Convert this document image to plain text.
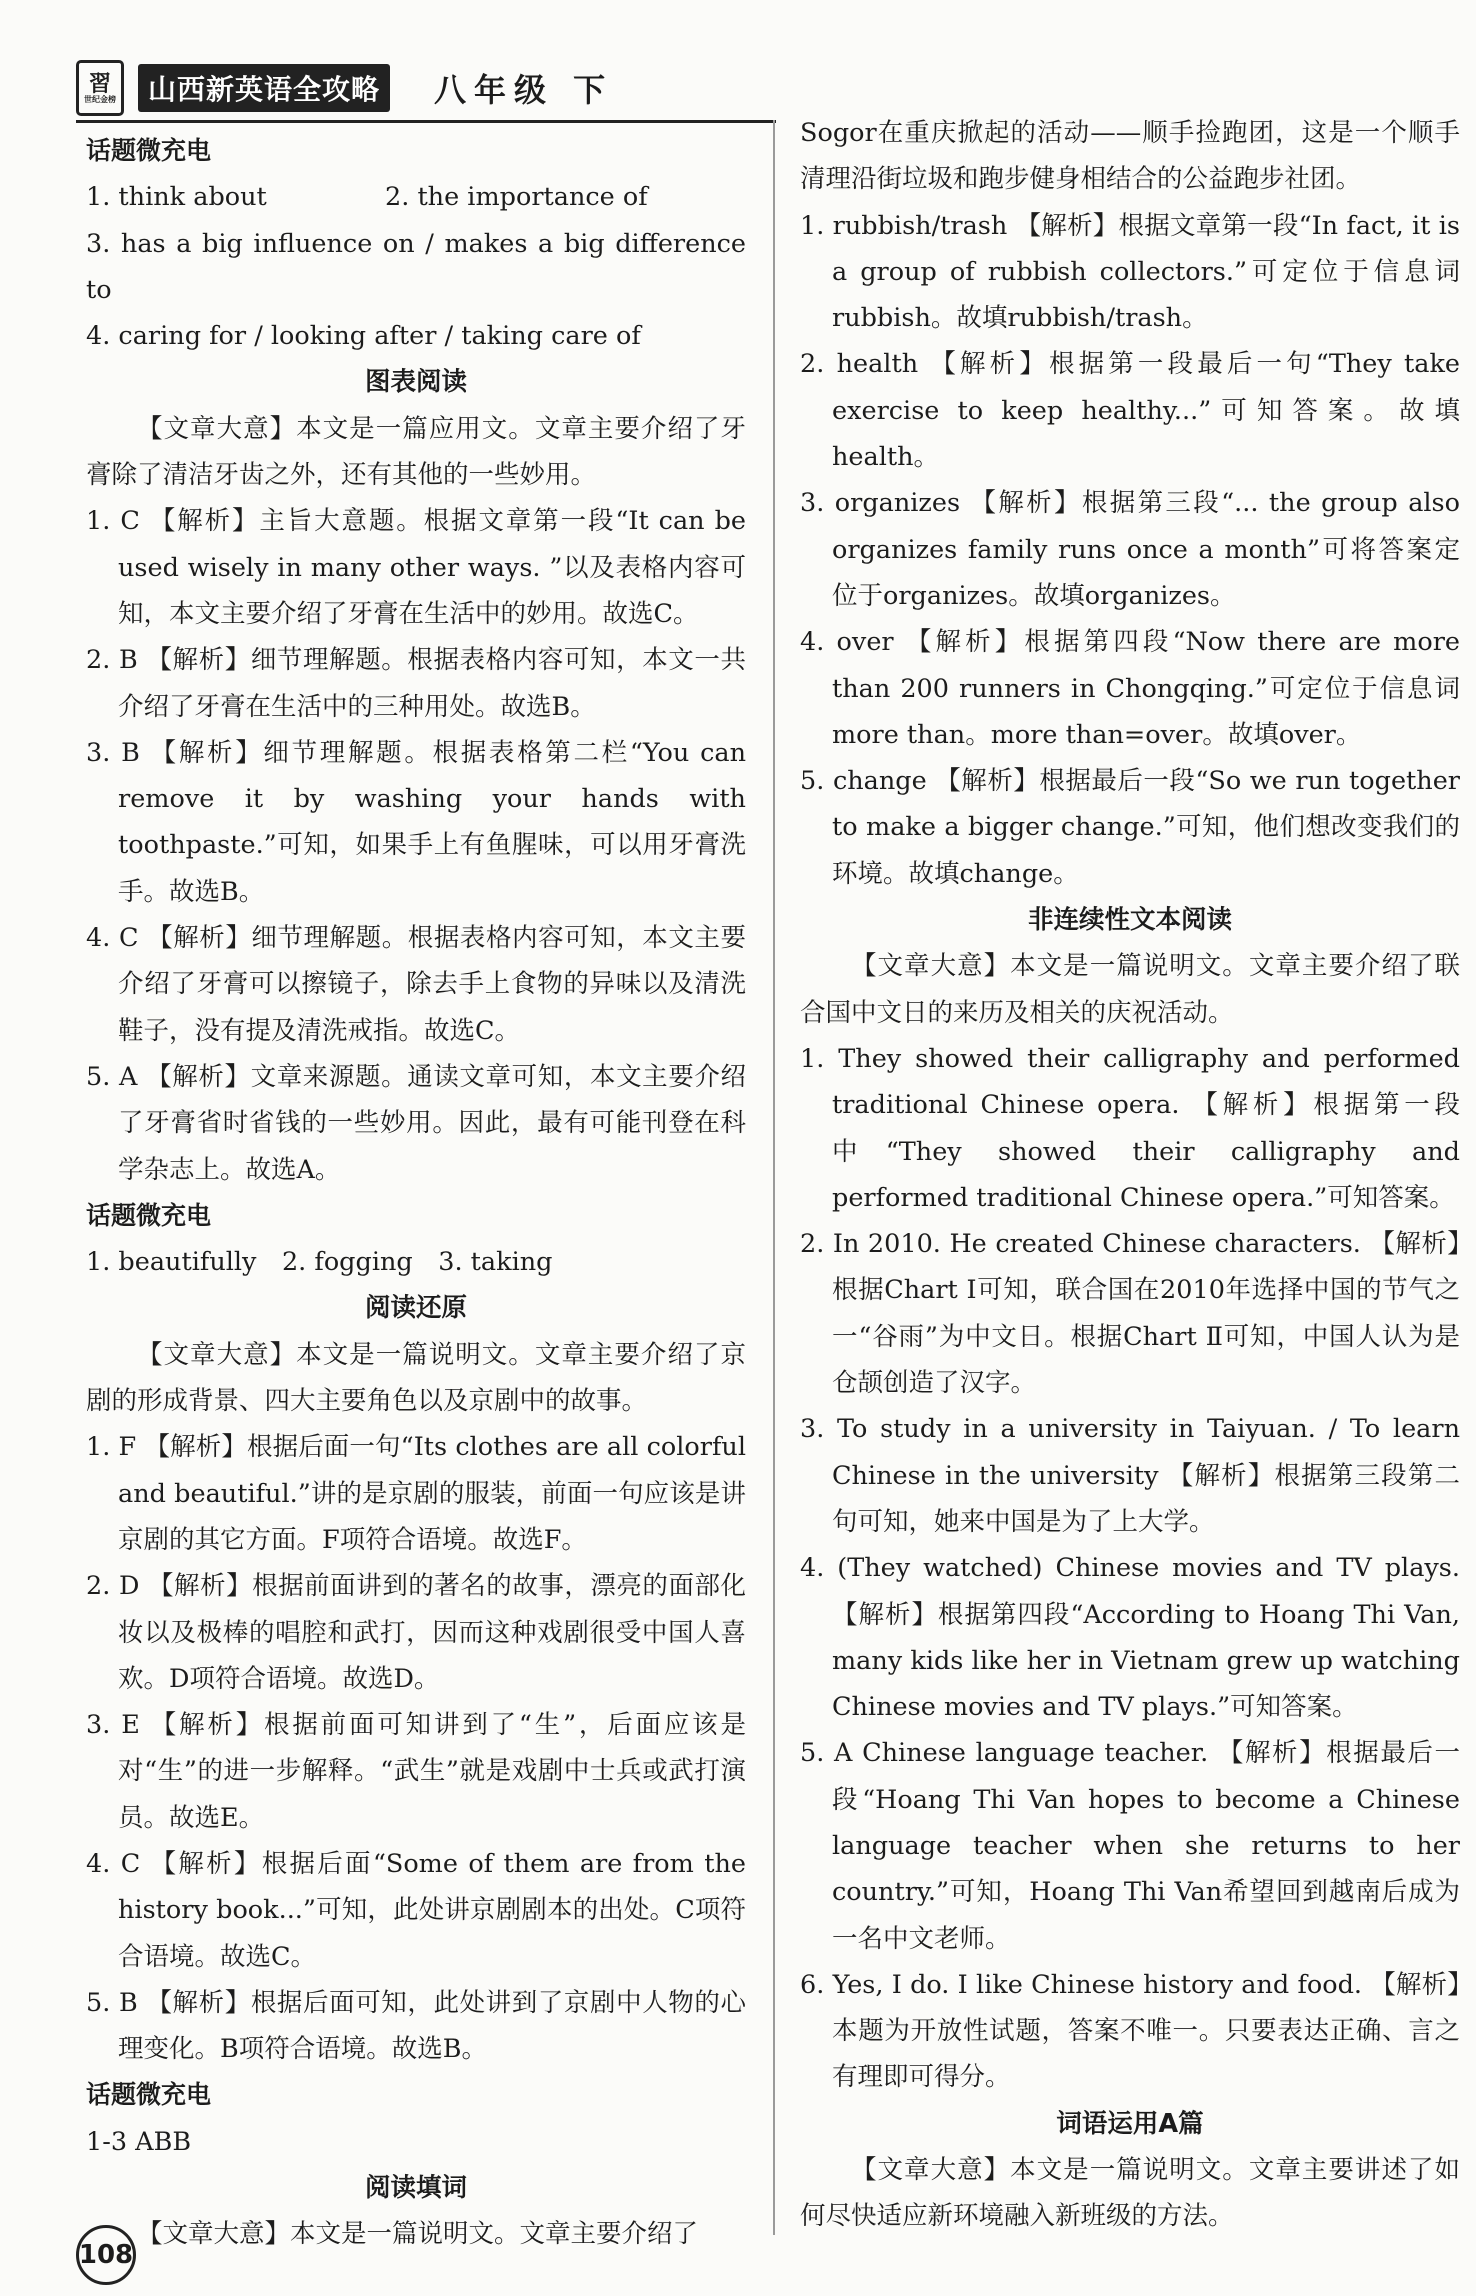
習
世纪金榜	山西新英语全攻略	八年级 下

话题微充电

1. think about 　　　　 2. the importance of

3. has a big influence on / makes a big difference to

4. caring for / looking after / taking care of

图表阅读

【文章大意】本文是一篇应用文。文章主要介绍了牙膏除了清洁牙齿之外，还有其他的一些妙用。

1. C 【解析】主旨大意题。根据文章第一段“It can be used wisely in many other ways. ”以及表格内容可知，本文主要介绍了牙膏在生活中的妙用。故选C。

2. B 【解析】细节理解题。根据表格内容可知，本文一共介绍了牙膏在生活中的三种用处。故选B。

3. B 【解析】细节理解题。根据表格第二栏“You can remove it by washing your hands with toothpaste.”可知，如果手上有鱼腥味，可以用牙膏洗手。故选B。

4. C 【解析】细节理解题。根据表格内容可知，本文主要介绍了牙膏可以擦镜子，除去手上食物的异味以及清洗鞋子，没有提及清洗戒指。故选C。

5. A 【解析】文章来源题。通读文章可知，本文主要介绍了牙膏省时省钱的一些妙用。因此，最有可能刊登在科学杂志上。故选A。

话题微充电

1. beautifully　2. fogging　3. taking

阅读还原

【文章大意】本文是一篇说明文。文章主要介绍了京剧的形成背景、四大主要角色以及京剧中的故事。

1. F 【解析】根据后面一句“Its clothes are all colorful and beautiful.”讲的是京剧的服装，前面一句应该是讲京剧的其它方面。F项符合语境。故选F。

2. D 【解析】根据前面讲到的著名的故事，漂亮的面部化妆以及极棒的唱腔和武打，因而这种戏剧很受中国人喜欢。D项符合语境。故选D。

3. E 【解析】根据前面可知讲到了“生”，后面应该是对“生”的进一步解释。“武生”就是戏剧中士兵或武打演员。故选E。

4. C 【解析】根据后面“Some of them are from the history book...”可知，此处讲京剧剧本的出处。C项符合语境。故选C。

5. B 【解析】根据后面可知，此处讲到了京剧中人物的心理变化。B项符合语境。故选B。

话题微充电

1-3 ABB

阅读填词

【文章大意】本文是一篇说明文。文章主要介绍了

Sogor在重庆掀起的活动——顺手捡跑团，这是一个顺手清理沿街垃圾和跑步健身相结合的公益跑步社团。

1. rubbish/trash 【解析】根据文章第一段“In fact, it is a group of rubbish collectors.”可定位于信息词rubbish。故填rubbish/trash。

2. health 【解析】根据第一段最后一句“They take exercise to keep healthy...”可知答案。故填health。

3. organizes 【解析】根据第三段“... the group also organizes family runs once a month”可将答案定位于organizes。故填organizes。

4. over 【解析】根据第四段“Now there are more than 200 runners in Chongqing.”可定位于信息词more than。more than=over。故填over。

5. change 【解析】根据最后一段“So we run together to make a bigger change.”可知，他们想改变我们的环境。故填change。

非连续性文本阅读

【文章大意】本文是一篇说明文。文章主要介绍了联合国中文日的来历及相关的庆祝活动。

1. They showed their calligraphy and performed traditional Chinese opera. 【解析】根据第一段中“They showed their calligraphy and performed traditional Chinese opera.”可知答案。

2. In 2010. He created Chinese characters. 【解析】根据Chart Ⅰ可知，联合国在2010年选择中国的节气之一“谷雨”为中文日。根据Chart Ⅱ可知，中国人认为是仓颉创造了汉字。

3. To study in a university in Taiyuan. / To learn Chinese in the university 【解析】根据第三段第二句可知，她来中国是为了上大学。

4. (They watched) Chinese movies and TV plays. 【解析】根据第四段“According to Hoang Thi Van, many kids like her in Vietnam grew up watching Chinese movies and TV plays.”可知答案。

5. A Chinese language teacher. 【解析】根据最后一段“Hoang Thi Van hopes to become a Chinese language teacher when she returns to her country.”可知，Hoang Thi Van希望回到越南后成为一名中文老师。

6. Yes, I do. I like Chinese history and food. 【解析】本题为开放性试题，答案不唯一。只要表达正确、言之有理即可得分。

词语运用A篇

【文章大意】本文是一篇说明文。文章主要讲述了如何尽快适应新环境融入新班级的方法。

108
